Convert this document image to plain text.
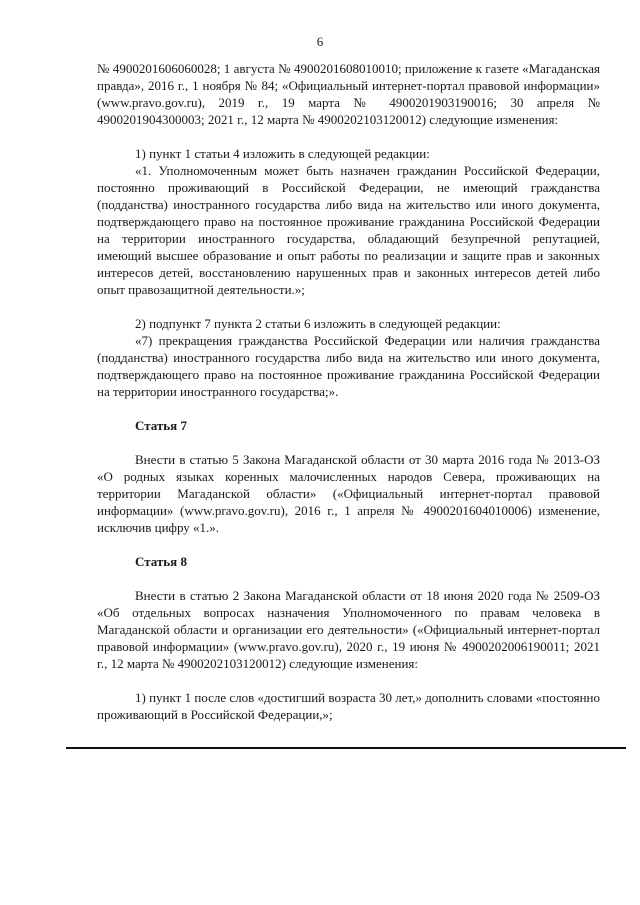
6

№ 4900201606060028; 1 августа № 4900201608010010; приложение к газете «Магаданская правда», 2016 г., 1 ноября № 84; «Официальный интернет-портал правовой информации» (www.pravo.gov.ru), 2019 г., 19 марта № 4900201903190016; 30 апреля № 4900201904300003; 2021 г., 12 марта № 4900202103120012) следующие изменения:

1) пункт 1 статьи 4 изложить в следующей редакции:

«1. Уполномоченным может быть назначен гражданин Российской Федерации, постоянно проживающий в Российской Федерации, не имеющий гражданства (подданства) иностранного государства либо вида на жительство или иного документа, подтверждающего право на постоянное проживание гражданина Российской Федерации на территории иностранного государства, обладающий безупречной репутацией, имеющий высшее образование и опыт работы по реализации и защите прав и законных интересов детей, восстановлению нарушенных прав и законных интересов детей либо опыт правозащитной деятельности.»;

2) подпункт 7 пункта 2 статьи 6 изложить в следующей редакции:

«7) прекращения гражданства Российской Федерации или наличия гражданства (подданства) иностранного государства либо вида на жительство или иного документа, подтверждающего право на постоянное проживание гражданина Российской Федерации на территории иностранного государства;».

Статья 7

Внести в статью 5 Закона Магаданской области от 30 марта 2016 года № 2013-ОЗ «О родных языках коренных малочисленных народов Севера, проживающих на территории Магаданской области» («Официальный интернет-портал правовой информации» (www.pravo.gov.ru), 2016 г., 1 апреля № 4900201604010006) изменение, исключив цифру «1.».

Статья 8

Внести в статью 2 Закона Магаданской области от 18 июня 2020 года № 2509-ОЗ «Об отдельных вопросах назначения Уполномоченного по правам человека в Магаданской области и организации его деятельности» («Официальный интернет-портал правовой информации» (www.pravo.gov.ru), 2020 г., 19 июня № 4900202006190011; 2021 г., 12 марта № 4900202103120012) следующие изменения:

1) пункт 1 после слов «достигший возраста 30 лет,» дополнить словами «постоянно проживающий в Российской Федерации,»;
